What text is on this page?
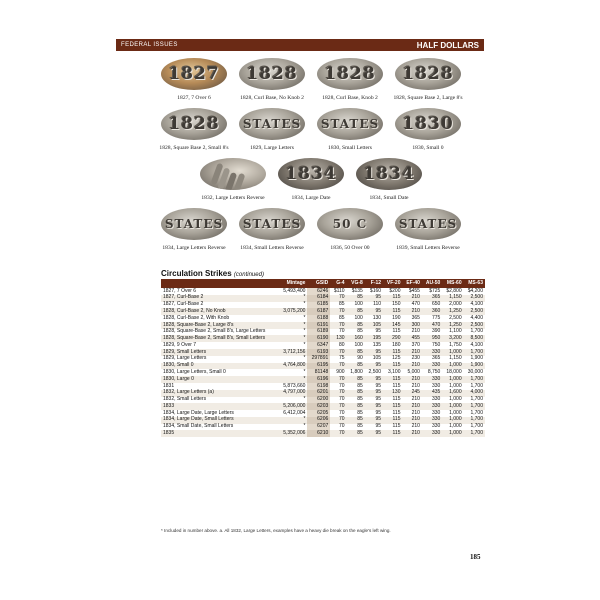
FEDERAL ISSUES	HALF DOLLARS
1827
1827, 7 Over 6
1828
1828, Curl Base, No Knob 2
1828
1828, Curl Base, Knob 2
1828
1828, Square Base 2, Large 8's
1828
1828, Square Base 2, Small 8's
STATES
1829, Large Letters
STATES
1830, Small Letters
1830
1830, Small 0
1832, Large Letters Reverse
1834
1834, Large Date
1834
1834, Small Date
STATES
1834, Large Letters Reverse
STATES
1834, Small Letters Reverse
50 C
1836, 50 Over 00
STATES
1839, Small Letters Reverse
Circulation Strikes (continued)
	Mintage	GSID	G-4	VG-8	F-12	VF-20	EF-40	AU-50	MS-60	MS-63
1827, 7 Over 6	5,493,400	6246	$110	$135	$160	$200	$455	$725	$2,800	$4,200
1827, Curl-Base 2	*	6184	70	85	95	115	210	365	1,150	2,500
1827, Curl-Base 2	*	6185	85	100	110	150	470	650	2,000	4,100
1828, Curl-Base 2, No Knob	3,075,200	6187	70	85	95	115	210	360	1,250	2,500
1828, Curl-Base 2, With Knob	*	6188	85	100	130	190	365	775	2,500	4,400
1828, Square-Base 2, Large 8's	*	6191	70	85	105	145	300	470	1,250	2,500
1828, Square-Base 2, Small 8's, Large Letters	*	6189	70	85	95	115	210	390	1,100	1,700
1828, Square-Base 2, Small 8's, Small Letters	*	6190	130	160	195	290	455	950	3,200	8,500
1829, 9 Over 7	*	6347	80	100	135	180	370	750	1,750	4,100
1829, Small Letters	3,712,156	6193	70	85	95	115	210	330	1,000	1,700
1829, Large Letters	*	297891	75	90	105	125	230	365	1,150	1,900
1830, Small 0	4,764,800	6195	70	85	95	115	210	330	1,000	1,900
1830, Large Letters, Small 0	*	81148	900	1,800	2,500	3,100	5,000	8,750	18,000	30,000
1830, Large 0	*	6196	70	85	95	115	210	330	1,000	1,700
1831	5,873,660	6198	70	85	95	115	210	330	1,000	1,700
1832, Large Letters (a)	4,797,000	6201	70	85	95	130	245	435	1,600	4,000
1832, Small Letters	*	6200	70	85	95	115	210	330	1,000	1,700
1833	5,206,000	6203	70	85	95	115	210	330	1,000	1,700
1834, Large Date, Large Letters	6,412,004	6205	70	85	95	115	210	330	1,000	1,700
1834, Large Date, Small Letters	*	6206	70	85	95	115	210	330	1,000	1,700
1834, Small Date, Small Letters	*	6207	70	85	95	115	210	330	1,000	1,700
1835	5,352,006	6210	70	85	95	115	210	330	1,000	1,700
* Included in number above. a. All 1832, Large Letters, examples have a heavy die break on the eagle's left wing.
185
